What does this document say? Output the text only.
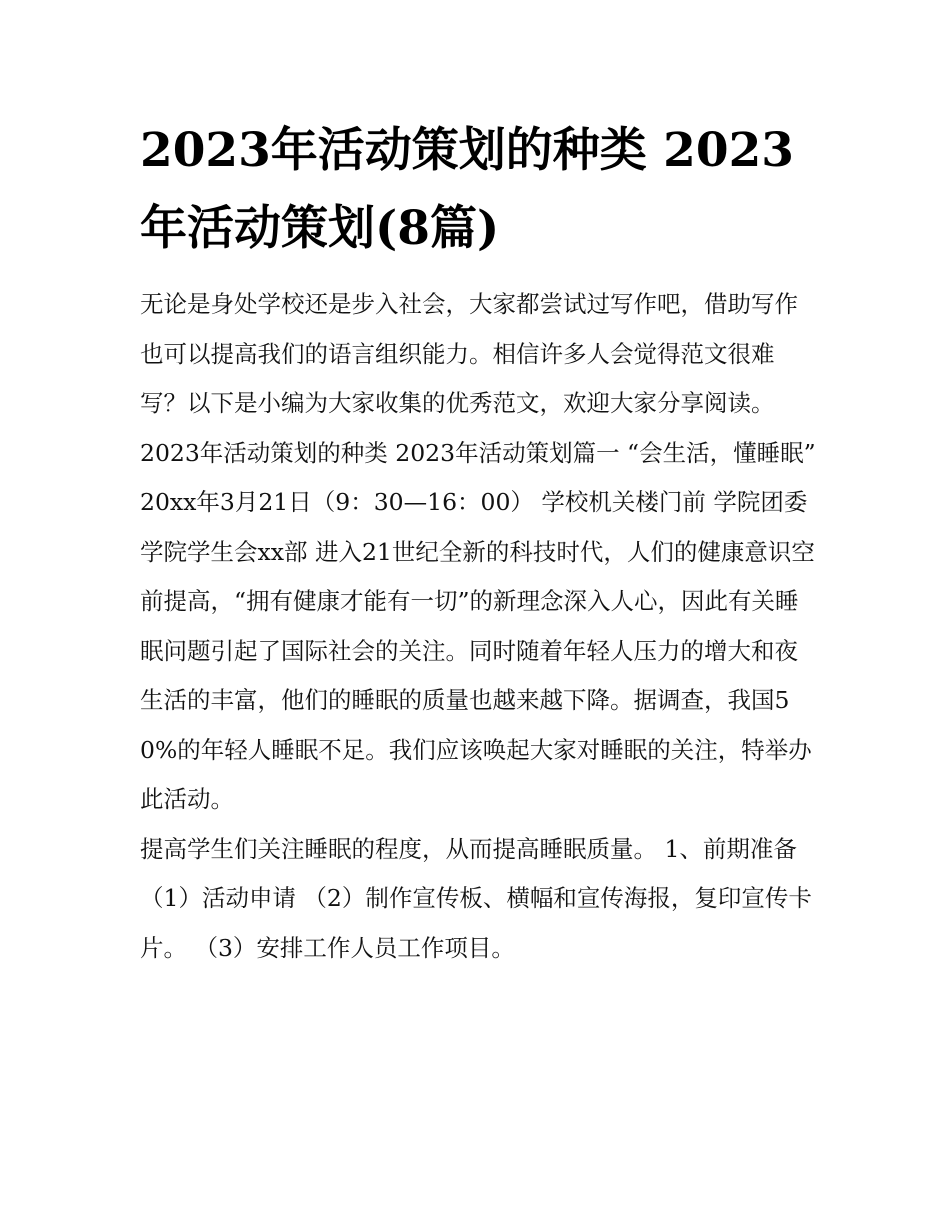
2023年活动策划的种类 2023年活动策划(8篇)

无论是身处学校还是步入社会，大家都尝试过写作吧，借助写作也可以提高我们的语言组织能力。相信许多人会觉得范文很难写？以下是小编为大家收集的优秀范文，欢迎大家分享阅读。

2023年活动策划的种类 2023年活动策划篇一 “会生活，懂睡眠” 20xx年3月21日（9：30—16：00） 学校机关楼门前 学院团委

学院学生会xx部 进入21世纪全新的科技时代，人们的健康意识空前提高，“拥有健康才能有一切”的新理念深入人心，因此有关睡眠问题引起了国际社会的关注。同时随着年轻人压力的增大和夜生活的丰富，他们的睡眠的质量也越来越下降。据调查，我国50%的年轻人睡眠不足。我们应该唤起大家对睡眠的关注，特举办此活动。

提高学生们关注睡眠的程度，从而提高睡眠质量。 1、前期准备 （1）活动申请 （2）制作宣传板、横幅和宣传海报，复印宣传卡片。 （3）安排工作人员工作项目。
